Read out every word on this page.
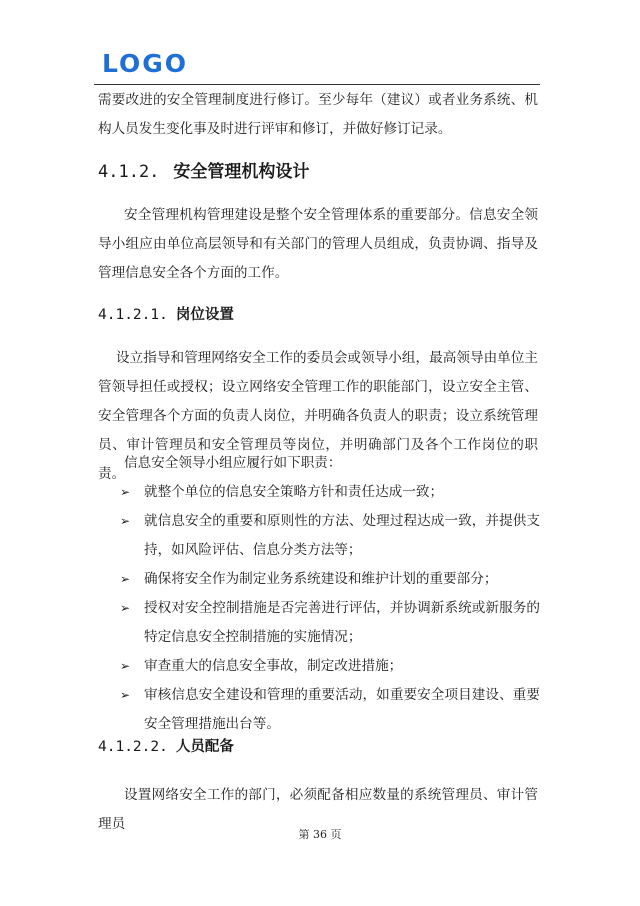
LOGO

需要改进的安全管理制度进行修订。至少每年（建议）或者业务系统、机构人员发生变化事及时进行评审和修订，并做好修订记录。

4.1.2. 安全管理机构设计

安全管理机构管理建设是整个安全管理体系的重要部分。信息安全领导小组应由单位高层领导和有关部门的管理人员组成，负责协调、指导及管理信息安全各个方面的工作。

4.1.2.1. 岗位设置

设立指导和管理网络安全工作的委员会或领导小组，最高领导由单位主管领导担任或授权；设立网络安全管理工作的职能部门，设立安全主管、安全管理各个方面的负责人岗位，并明确各负责人的职责；设立系统管理员、审计管理员和安全管理员等岗位，并明确部门及各个工作岗位的职责。

信息安全领导小组应履行如下职责：

➢ 就整个单位的信息安全策略方针和责任达成一致；
➢ 就信息安全的重要和原则性的方法、处理过程达成一致，并提供支持，如风险评估、信息分类方法等；
➢ 确保将安全作为制定业务系统建设和维护计划的重要部分；
➢ 授权对安全控制措施是否完善进行评估，并协调新系统或新服务的特定信息安全控制措施的实施情况；
➢ 审查重大的信息安全事故，制定改进措施；
➢ 审核信息安全建设和管理的重要活动，如重要安全项目建设、重要安全管理措施出台等。
4.1.2.2. 人员配备

设置网络安全工作的部门，必须配备相应数量的系统管理员、审计管理员

第 36 页
